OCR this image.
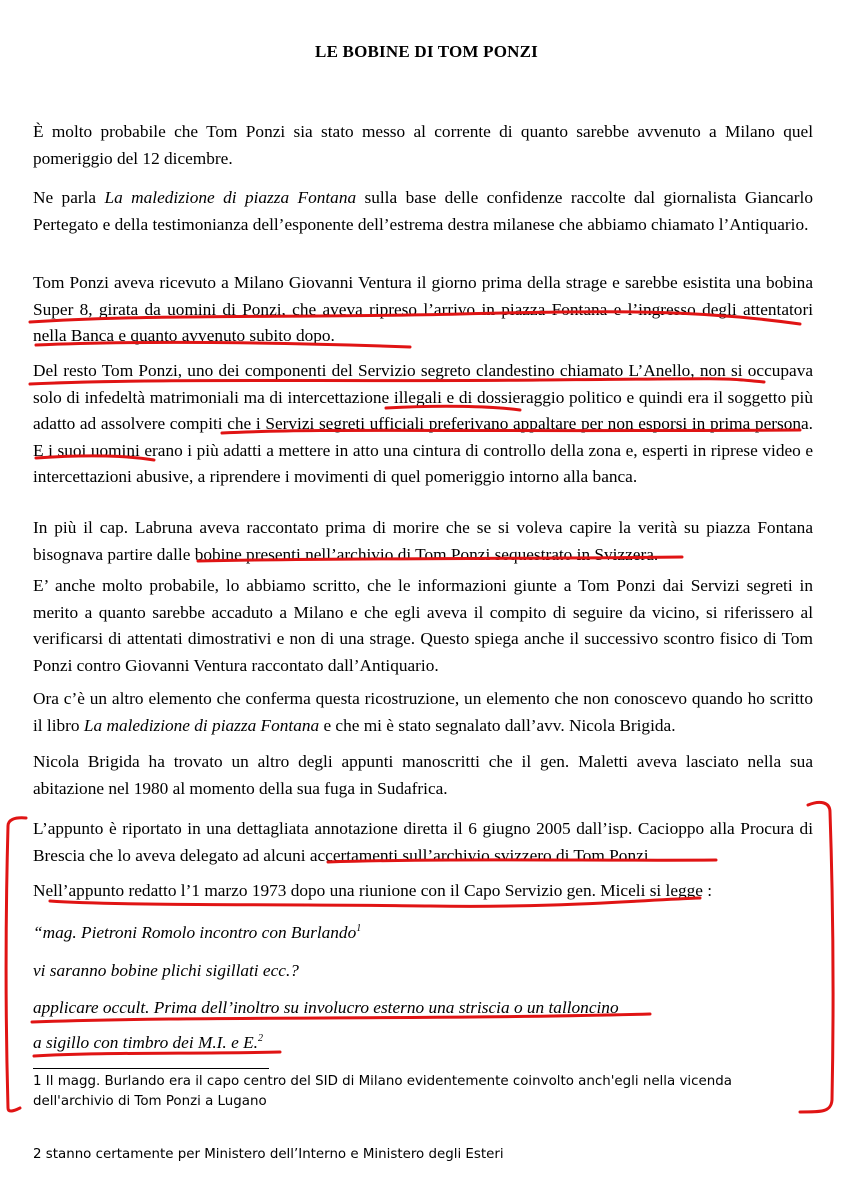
LE BOBINE DI TOM PONZI
È molto probabile che Tom Ponzi sia stato messo al corrente di quanto sarebbe avvenuto a Milano quel pomeriggio del 12 dicembre.
Ne parla La maledizione di piazza Fontana sulla base delle confidenze raccolte dal giornalista Giancarlo Pertegato e della testimonianza dell’esponente dell’estrema destra milanese che abbiamo chiamato l’Antiquario.
Tom Ponzi aveva ricevuto a Milano Giovanni Ventura il giorno prima della strage e sarebbe esistita una bobina Super 8, girata da uomini di Ponzi, che aveva ripreso l’arrivo in piazza Fontana e l’ingresso degli attentatori nella Banca e quanto avvenuto subito dopo.
Del resto Tom Ponzi, uno dei componenti del Servizio segreto clandestino chiamato L’Anello, non si occupava solo di infedeltà matrimoniali ma di intercettazione illegali e di dossieraggio politico e quindi era il soggetto più adatto ad assolvere compiti che i Servizi segreti ufficiali preferivano appaltare per non esporsi in prima persona. E i suoi uomini erano i più adatti a mettere in atto una cintura di controllo della zona e, esperti in riprese video e intercettazioni abusive, a riprendere i movimenti di quel pomeriggio intorno alla banca.
In più il cap. Labruna aveva raccontato prima di morire che se si voleva capire la verità su piazza Fontana bisognava partire dalle bobine presenti nell’archivio di Tom Ponzi sequestrato in Svizzera.
E’ anche molto probabile, lo abbiamo scritto, che le informazioni giunte a Tom Ponzi dai Servizi segreti in merito a quanto sarebbe accaduto a Milano e che egli aveva il compito di seguire da vicino, si riferissero al verificarsi di attentati dimostrativi e non di una strage. Questo spiega anche il successivo scontro fisico di Tom Ponzi contro Giovanni Ventura raccontato dall’Antiquario.
Ora c’è un altro elemento che conferma questa ricostruzione, un elemento che non conoscevo quando ho scritto il libro La maledizione di piazza Fontana e che mi è stato segnalato dall’avv. Nicola Brigida.
Nicola Brigida ha trovato un altro degli appunti manoscritti che il gen. Maletti aveva lasciato nella sua abitazione nel 1980 al momento della sua fuga in Sudafrica.
L’appunto è riportato in una dettagliata annotazione diretta il 6 giugno 2005 dall’isp. Cacioppo alla Procura di Brescia che lo aveva delegato ad alcuni accertamenti sull’archivio svizzero di Tom Ponzi.
Nell’appunto redatto l’1 marzo 1973 dopo una riunione con il Capo Servizio gen. Miceli si legge :
“mag. Pietroni Romolo incontro con Burlando$^1$
vi saranno bobine plichi sigillati ecc.?
applicare occult. Prima dell’inoltro su involucro esterno una striscia o un talloncino
a sigillo con timbro dei M.I. e E.$^2$
1 Il magg. Burlando era il capo centro del SID di Milano evidentemente coinvolto anch'egli nella vicenda dell'archivio di Tom Ponzi a Lugano
2 stanno certamente per Ministero dell’Interno e Ministero degli Esteri
